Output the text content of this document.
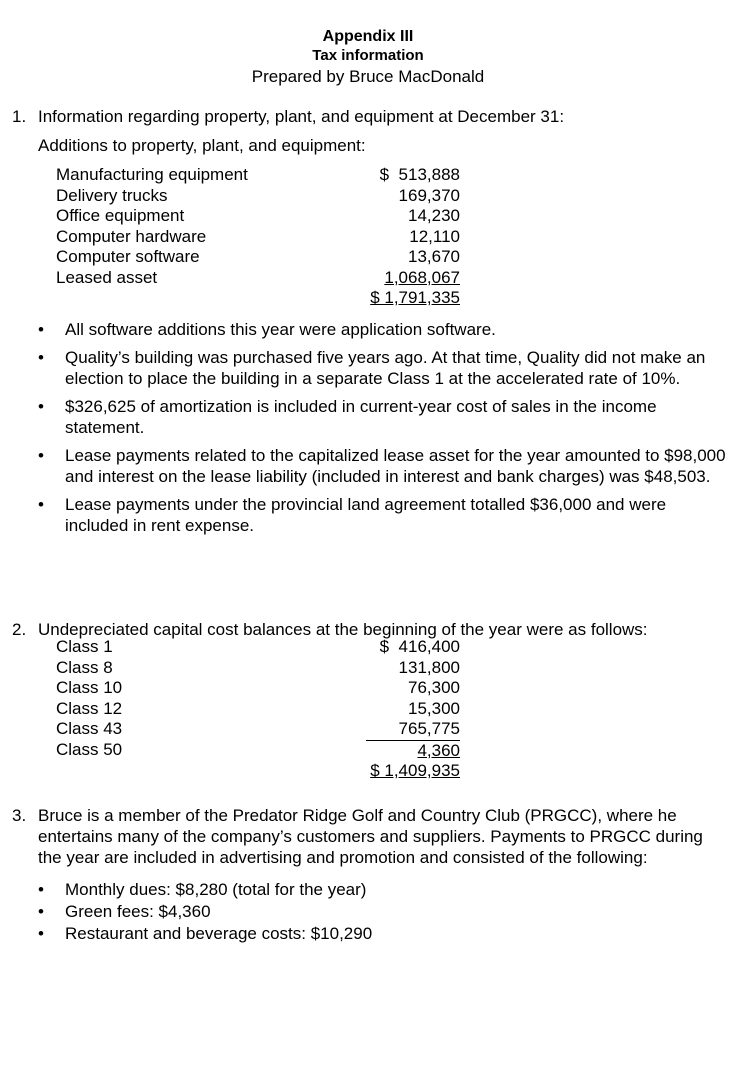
Appendix III
Tax information
Prepared by Bruce MacDonald
1. Information regarding property, plant, and equipment at December 31:
Additions to property, plant, and equipment:
Manufacturing equipment	$  513,888
Delivery trucks	169,370
Office equipment	14,230
Computer hardware	12,110
Computer software	13,670
Leased asset	1,068,067
	$ 1,791,335
• All software additions this year were application software.
• Quality’s building was purchased five years ago. At that time, Quality did not make an election to place the building in a separate Class 1 at the accelerated rate of 10%.
• $326,625 of amortization is included in current-year cost of sales in the income statement.
• Lease payments related to the capitalized lease asset for the year amounted to $98,000 and interest on the lease liability (included in interest and bank charges) was $48,503.
• Lease payments under the provincial land agreement totalled $36,000 and were included in rent expense.
2. Undepreciated capital cost balances at the beginning of the year were as follows:
Class 1	$  416,400
Class 8	131,800
Class 10	76,300
Class 12	15,300
Class 43	765,775
Class 50	4,360
	$ 1,409,935
3. Bruce is a member of the Predator Ridge Golf and Country Club (PRGCC), where he entertains many of the company’s customers and suppliers. Payments to PRGCC during the year are included in advertising and promotion and consisted of the following:
• Monthly dues: $8,280 (total for the year)
• Green fees: $4,360
• Restaurant and beverage costs: $10,290
